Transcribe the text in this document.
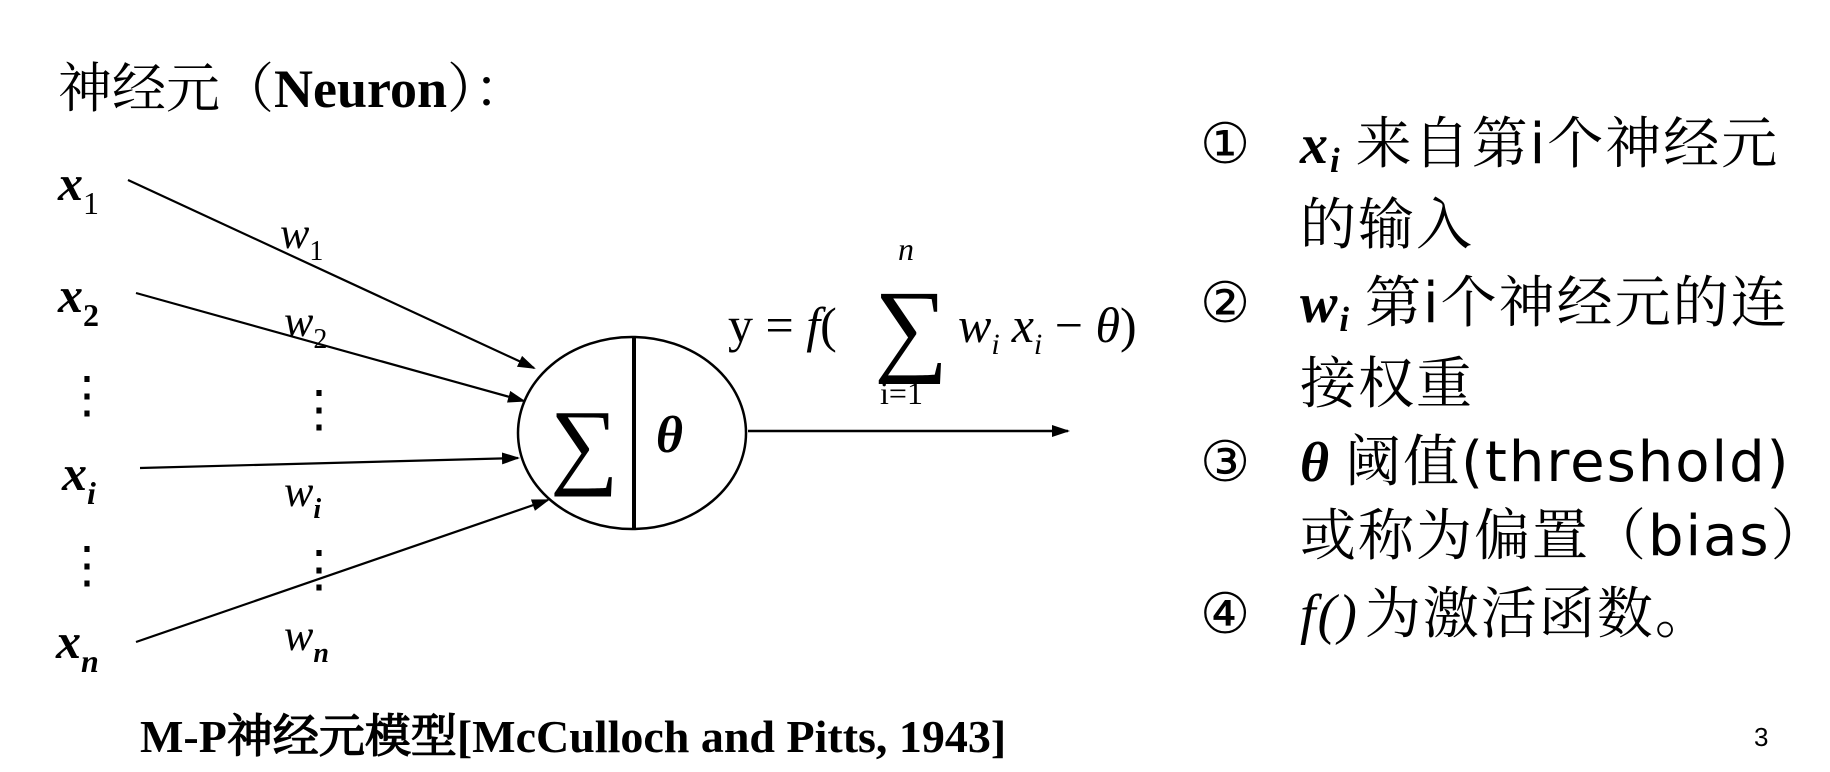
神经元（Neuron）：
$x_1$
$x_2$
$x_i$
$x_n$
⋮
⋮
⋮
⋮
$w_1$
$w_2$
$w_i$
$w_n$
∑ θ
y = f( ∑
n
i=1
$w_i$ $x_i - \theta$)
① xi 来自第i个神经元的输入
② wi 第i个神经元的连接权重
③ θ 阈值(threshold)或称为偏置（bias）
④ f() 为激活函数。
M-P神经元模型[McCulloch and Pitts, 1943]	3
